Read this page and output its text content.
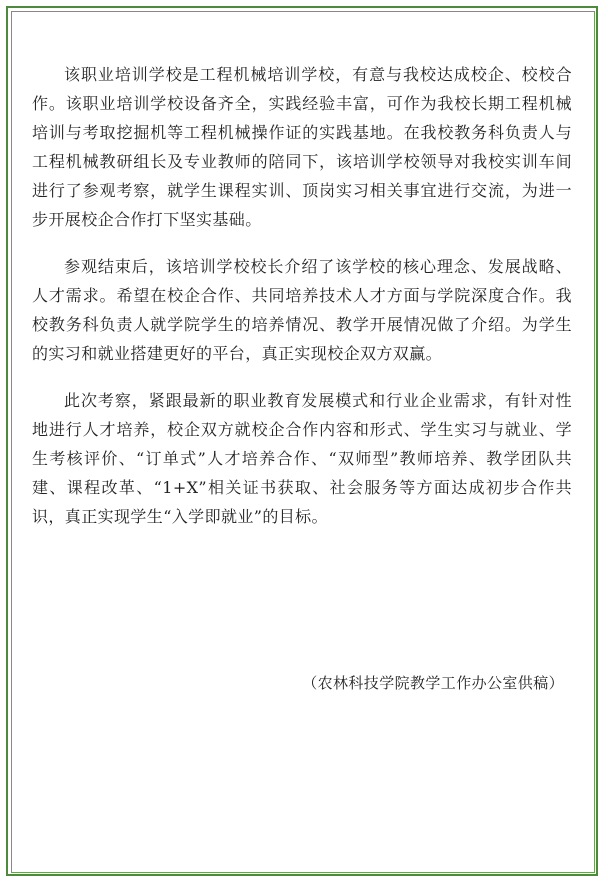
该职业培训学校是工程机械培训学校，有意与我校达成校企、校校合作。该职业培训学校设备齐全，实践经验丰富，可作为我校长期工程机械培训与考取挖掘机等工程机械操作证的实践基地。在我校教务科负责人与工程机械教研组长及专业教师的陪同下，该培训学校领导对我校实训车间进行了参观考察，就学生课程实训、顶岗实习相关事宜进行交流，为进一步开展校企合作打下坚实基础。

参观结束后，该培训学校校长介绍了该学校的核心理念、发展战略、人才需求。希望在校企合作、共同培养技术人才方面与学院深度合作。我校教务科负责人就学院学生的培养情况、教学开展情况做了介绍。为学生的实习和就业搭建更好的平台，真正实现校企双方双赢。

此次考察，紧跟最新的职业教育发展模式和行业企业需求，有针对性地进行人才培养，校企双方就校企合作内容和形式、学生实习与就业、学生考核评价、“订单式”人才培养合作、“双师型”教师培养、教学团队共建、课程改革、“1+X”相关证书获取、社会服务等方面达成初步合作共识，真正实现学生“入学即就业”的目标。

（农林科技学院教学工作办公室供稿）
